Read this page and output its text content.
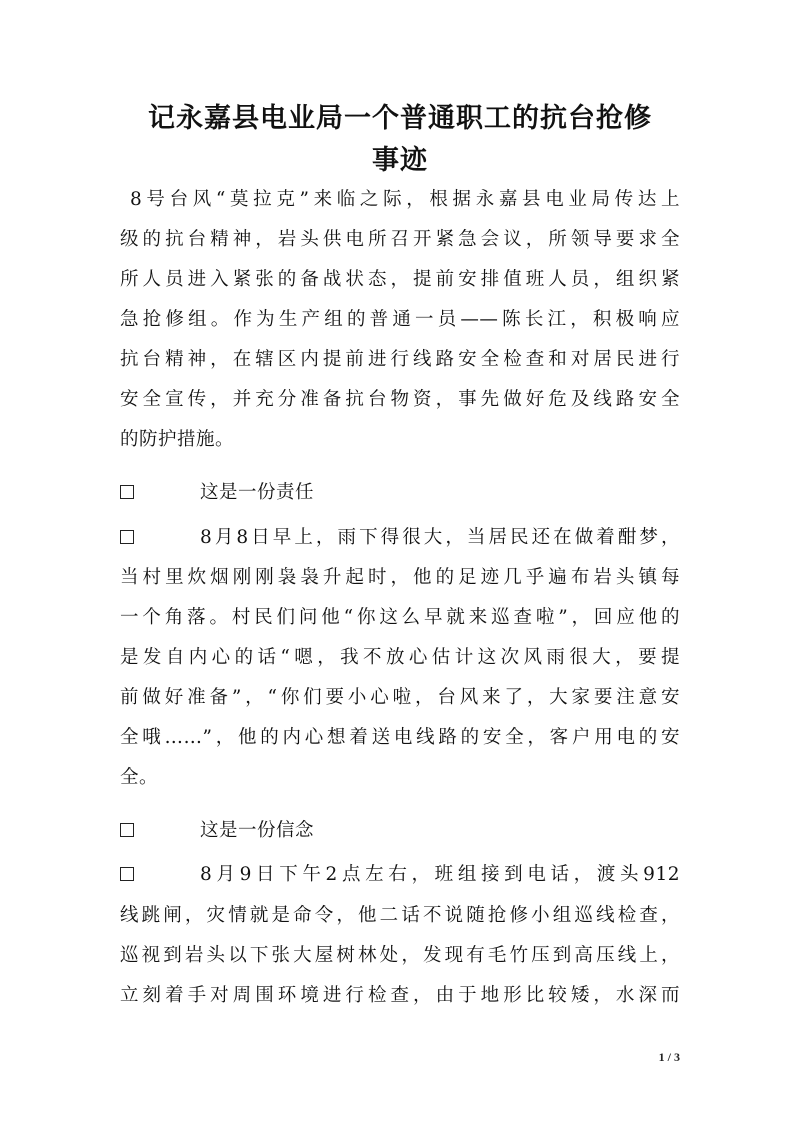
记永嘉县电业局一个普通职工的抗台抢修
事迹
8号台风“莫拉克”来临之际，根据永嘉县电业局传达上
级的抗台精神，岩头供电所召开紧急会议，所领导要求全
所人员进入紧张的备战状态，提前安排值班人员，组织紧
急抢修组。作为生产组的普通一员——陈长江，积极响应
抗台精神，在辖区内提前进行线路安全检查和对居民进行
安全宣传，并充分准备抗台物资，事先做好危及线路安全
的防护措施。
这是一份责任
8月8日早上，雨下得很大，当居民还在做着酣梦，
当村里炊烟刚刚袅袅升起时，他的足迹几乎遍布岩头镇每
一个角落。村民们问他“你这么早就来巡查啦”，回应他的
是发自内心的话“嗯，我不放心估计这次风雨很大，要提
前做好准备”，“你们要小心啦，台风来了，大家要注意安
全哦……”，他的内心想着送电线路的安全，客户用电的安
全。
这是一份信念
8月9日下午2点左右，班组接到电话，渡头912
线跳闸，灾情就是命令，他二话不说随抢修小组巡线检查，
巡视到岩头以下张大屋树林处，发现有毛竹压到高压线上，
立刻着手对周围环境进行检查，由于地形比较矮，水深而
1 / 3
